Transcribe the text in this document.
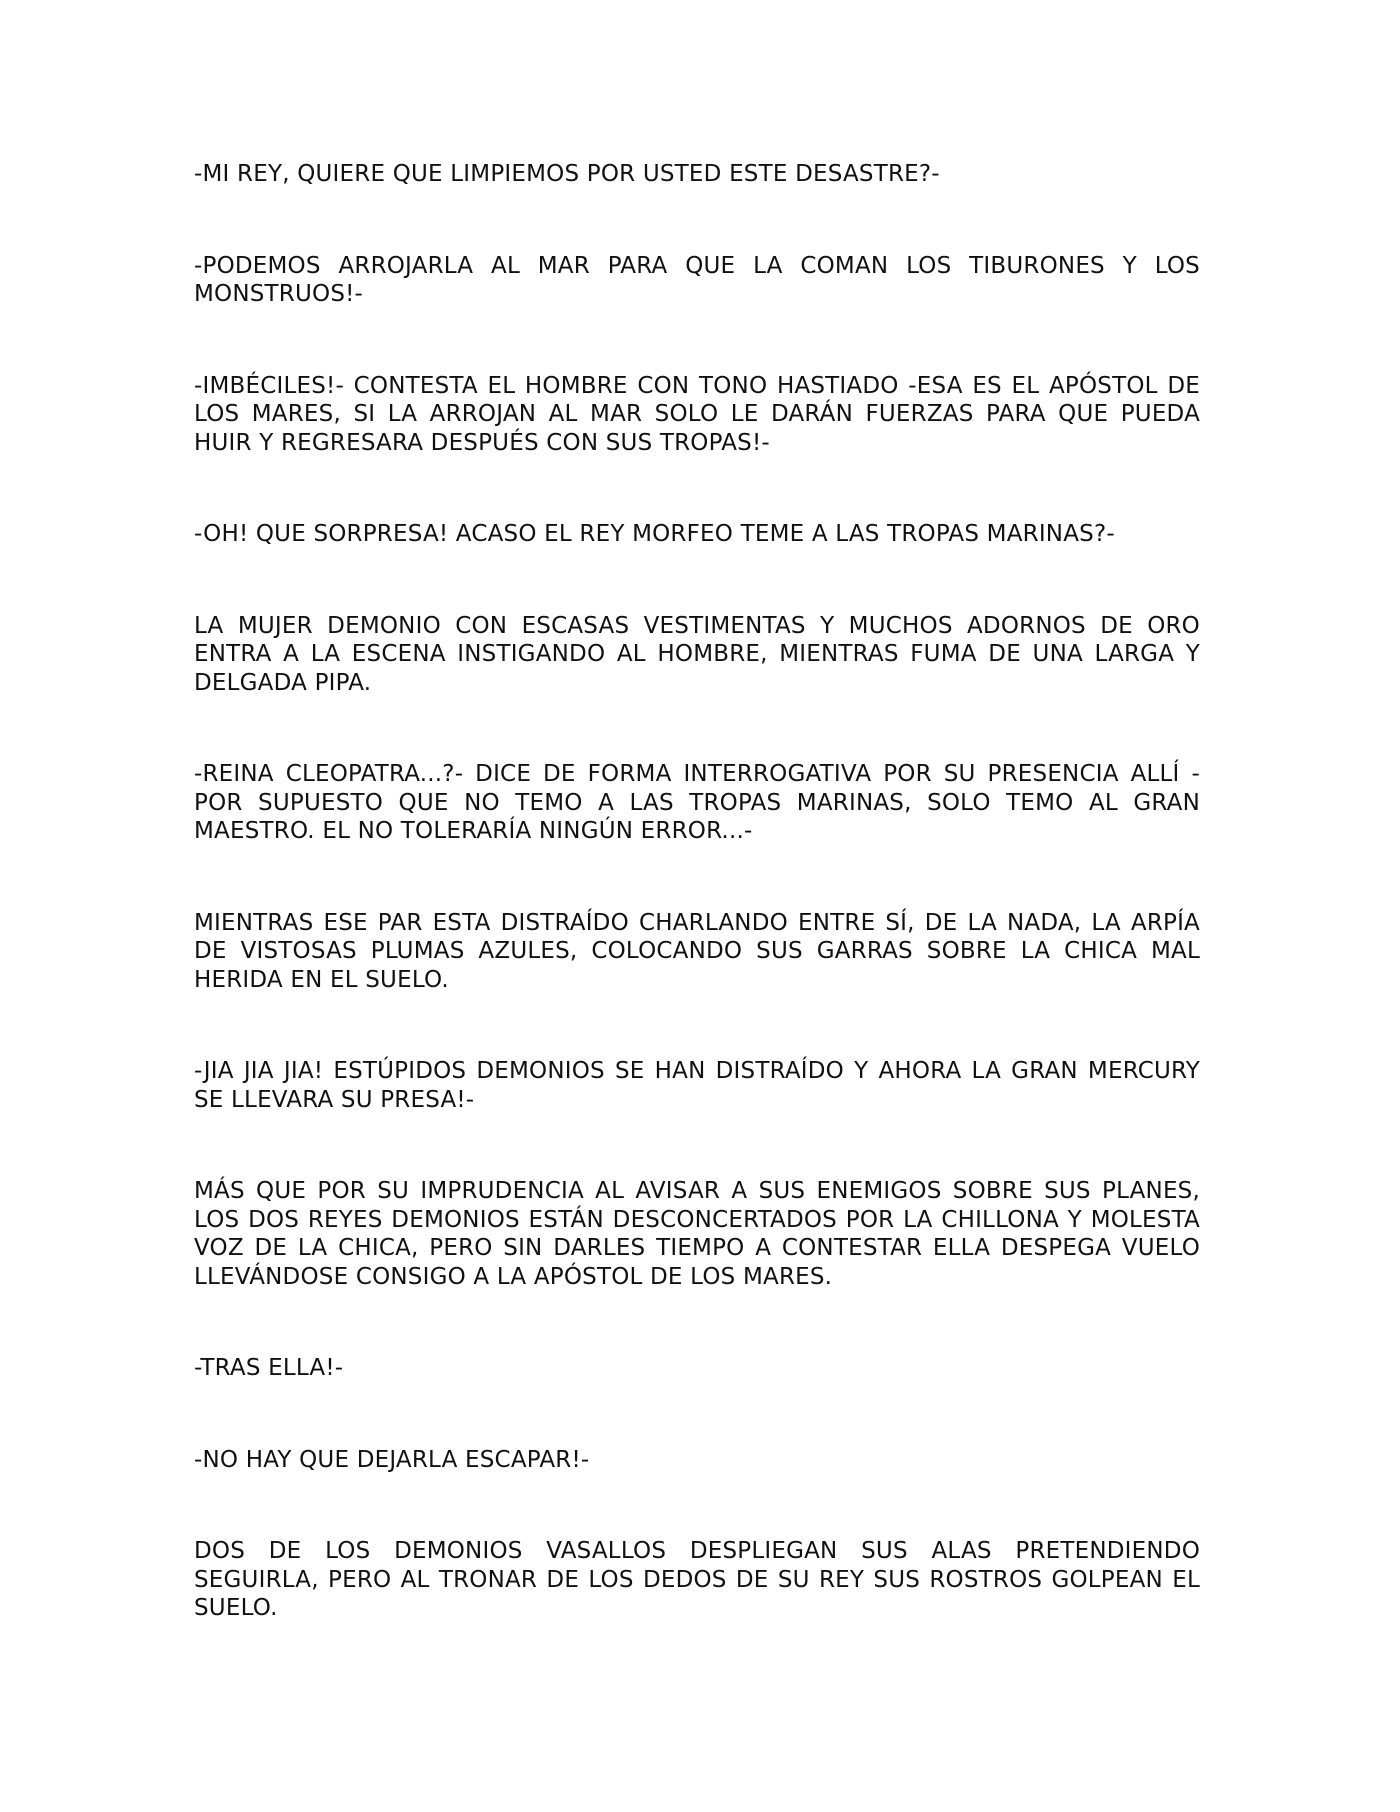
-MI REY, QUIERE QUE LIMPIEMOS POR USTED ESTE DESASTRE?-

-PODEMOS ARROJARLA AL MAR PARA QUE LA COMAN LOS TIBURONES Y LOS MONSTRUOS!-

-IMBÉCILES!- CONTESTA EL HOMBRE CON TONO HASTIADO -ESA ES EL APÓSTOL DE LOS MARES, SI LA ARROJAN AL MAR SOLO LE DARÁN FUERZAS PARA QUE PUEDA HUIR Y REGRESARA DESPUÉS CON SUS TROPAS!-

-OH! QUE SORPRESA! ACASO EL REY MORFEO TEME A LAS TROPAS MARINAS?-

LA MUJER DEMONIO CON ESCASAS VESTIMENTAS Y MUCHOS ADORNOS DE ORO ENTRA A LA ESCENA INSTIGANDO AL HOMBRE, MIENTRAS FUMA DE UNA LARGA Y DELGADA PIPA.

-REINA CLEOPATRA...?- DICE DE FORMA INTERROGATIVA POR SU PRESENCIA ALLÍ -POR SUPUESTO QUE NO TEMO A LAS TROPAS MARINAS, SOLO TEMO AL GRAN MAESTRO. EL NO TOLERARÍA NINGÚN ERROR...-

MIENTRAS ESE PAR ESTA DISTRAÍDO CHARLANDO ENTRE SÍ, DE LA NADA, LA ARPÍA DE VISTOSAS PLUMAS AZULES, COLOCANDO SUS GARRAS SOBRE LA CHICA MAL HERIDA EN EL SUELO.

-JIA JIA JIA! ESTÚPIDOS DEMONIOS SE HAN DISTRAÍDO Y AHORA LA GRAN MERCURY SE LLEVARA SU PRESA!-

MÁS QUE POR SU IMPRUDENCIA AL AVISAR A SUS ENEMIGOS SOBRE SUS PLANES, LOS DOS REYES DEMONIOS ESTÁN DESCONCERTADOS POR LA CHILLONA Y MOLESTA VOZ DE LA CHICA, PERO SIN DARLES TIEMPO A CONTESTAR ELLA DESPEGA VUELO LLEVÁNDOSE CONSIGO A LA APÓSTOL DE LOS MARES.

-TRAS ELLA!-

-NO HAY QUE DEJARLA ESCAPAR!-

DOS DE LOS DEMONIOS VASALLOS DESPLIEGAN SUS ALAS PRETENDIENDO SEGUIRLA, PERO AL TRONAR DE LOS DEDOS DE SU REY SUS ROSTROS GOLPEAN EL SUELO.
